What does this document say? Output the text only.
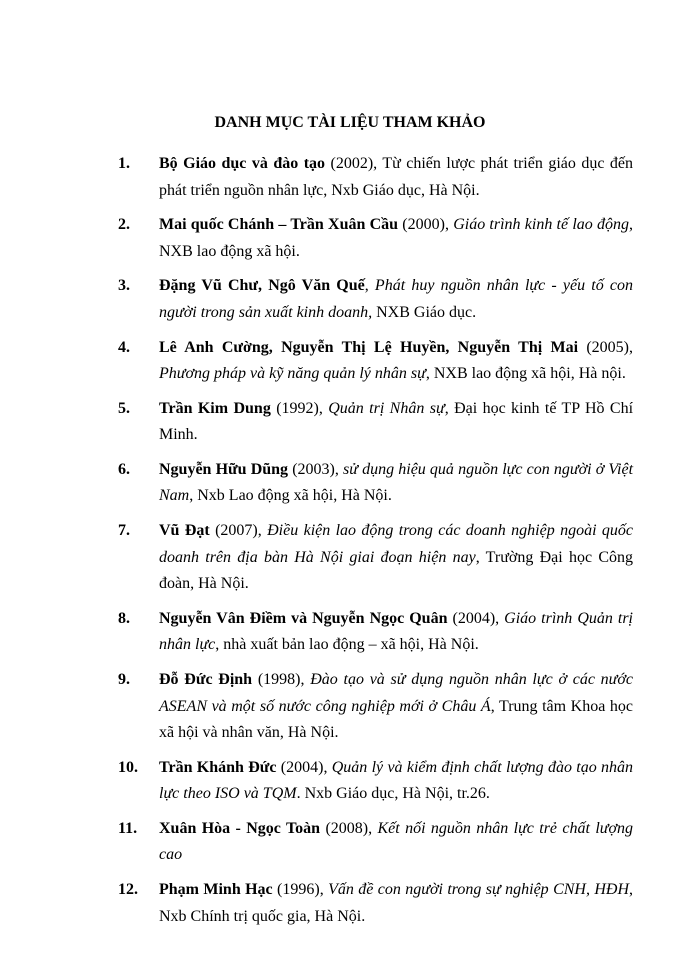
DANH MỤC TÀI LIỆU THAM KHẢO
1. Bộ Giáo dục và đào tạo (2002), Từ chiến lược phát triển giáo dục đến phát triển nguồn nhân lực, Nxb Giáo dục, Hà Nội.
2. Mai quốc Chánh – Trần Xuân Cầu (2000), Giáo trình kinh tế lao động, NXB lao động xã hội.
3. Đặng Vũ Chư, Ngô Văn Quế, Phát huy nguồn nhân lực - yếu tố con người trong sản xuất kinh doanh, NXB Giáo dục.
4. Lê Anh Cường, Nguyễn Thị Lệ Huyền, Nguyễn Thị Mai (2005), Phương pháp và kỹ năng quản lý nhân sự, NXB lao động xã hội, Hà nội.
5. Trần Kim Dung (1992), Quản trị Nhân sự, Đại học kinh tế TP Hồ Chí Minh.
6. Nguyễn Hữu Dũng (2003), sử dụng hiệu quả nguồn lực con người ở Việt Nam, Nxb Lao động xã hội, Hà Nội.
7. Vũ Đạt (2007), Điều kiện lao động trong các doanh nghiệp ngoài quốc doanh trên địa bàn Hà Nội giai đoạn hiện nay, Trường Đại học Công đoàn, Hà Nội.
8. Nguyễn Vân Điềm và Nguyễn Ngọc Quân (2004), Giáo trình Quản trị nhân lực, nhà xuất bản lao động – xã hội, Hà Nội.
9. Đỗ Đức Định (1998), Đào tạo và sử dụng nguồn nhân lực ở các nước ASEAN và một số nước công nghiệp mới ở Châu Á, Trung tâm Khoa học xã hội và nhân văn, Hà Nội.
10. Trần Khánh Đức (2004), Quản lý và kiểm định chất lượng đào tạo nhân lực theo ISO và TQM. Nxb Giáo dục, Hà Nội, tr.26.
11. Xuân Hòa - Ngọc Toàn (2008), Kết nối nguồn nhân lực trẻ chất lượng cao
12. Phạm Minh Hạc (1996), Vấn đề con người trong sự nghiệp CNH, HĐH, Nxb Chính trị quốc gia, Hà Nội.
